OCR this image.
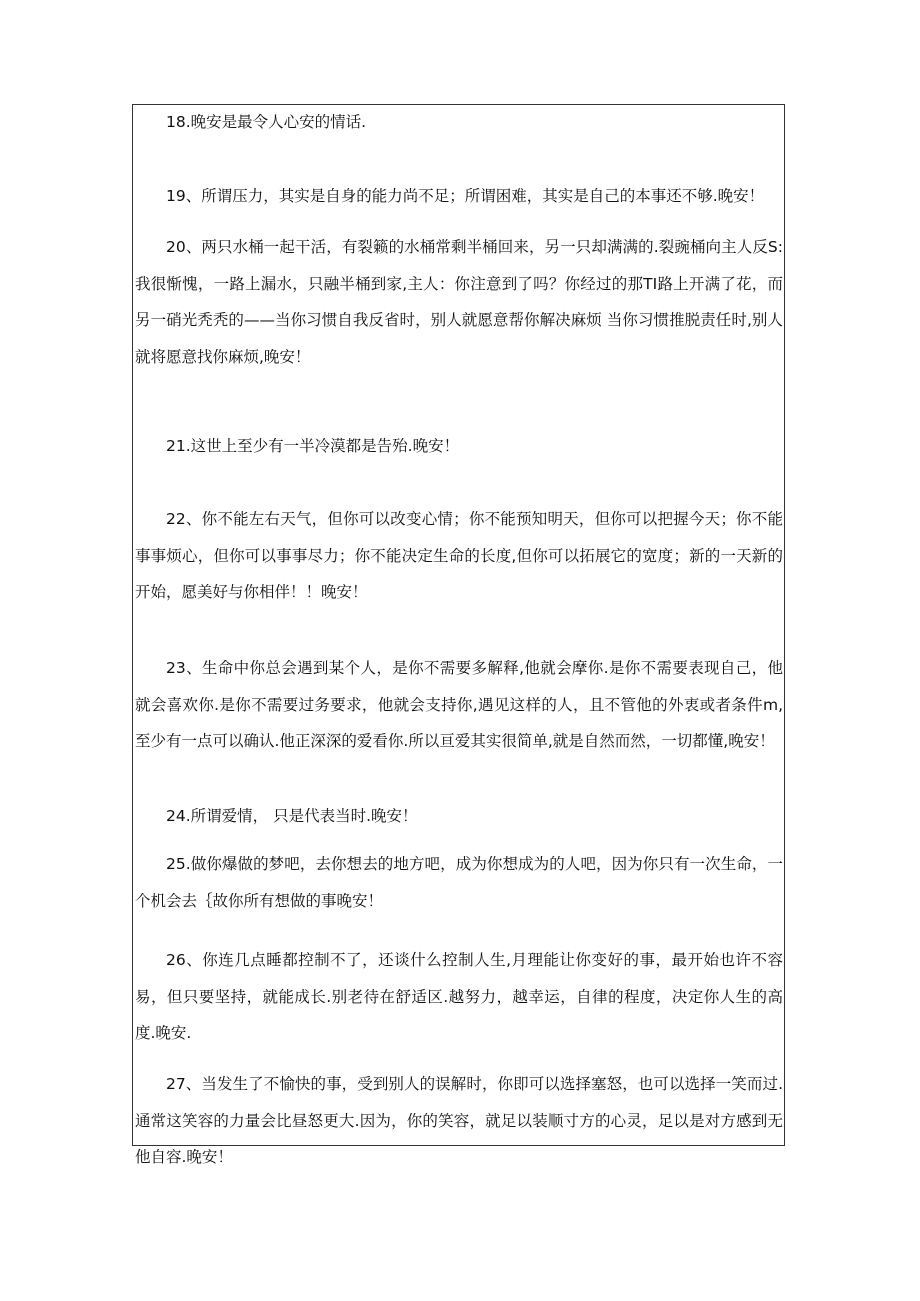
18.晚安是最令人心安的情话.

19、所谓压力，其实是自身的能力尚不足；所谓困难，其实是自己的本事还不够.晚安！

20、两只水桶一起干活，有裂籁的水桶常剩半桶回来，另一只却满满的.裂豌桶向主人反S:我很惭愧，一路上漏水，只融半桶到家,主人：你注意到了吗？你经过的那TI路上开满了花，而另一硝光秃秃的——当你习惯自我反省时，别人就愿意帮你解决麻烦 当你习惯推脱责任时,别人就将愿意找你麻烦,晚安！

21.这世上至少有一半冷漠都是告殆.晚安！

22、你不能左右天气，但你可以改变心情；你不能预知明天，但你可以把握今天；你不能事事烦心，但你可以事事尽力；你不能决定生命的长度,但你可以拓展它的宽度；新的一天新的开始，愿美好与你相伴！！晚安！

23、生命中你总会遇到某个人，是你不需要多解释,他就会摩你.是你不需要表现自己，他就会喜欢你.是你不需要过务要求，他就会支持你,遇见这样的人，且不管他的外衷或者条件m,至少有一点可以确认.他正深深的爱看你.所以亘爱其实很简单,就是自然而然，一切都懂,晚安！

24.所谓爱情， 只是代表当时.晚安！

25.做你爆做的梦吧，去你想去的地方吧，成为你想成为的人吧，因为你只有一次生命，一个机会去｛故你所有想做的事晚安！

26、你连几点睡都控制不了，还谈什么控制人生,月理能让你变好的事，最开始也许不容易，但只要坚持，就能成长.别老待在舒适区.越努力，越幸运，自律的程度，决定你人生的高度.晚安.

27、当发生了不愉快的事，受到别人的误解时，你即可以选择塞怒，也可以选择一笑而过.通常这笑容的力量会比昼怒更大.因为，你的笑容，就足以装顺寸方的心灵，足以是对方感到无他自容.晚安！
